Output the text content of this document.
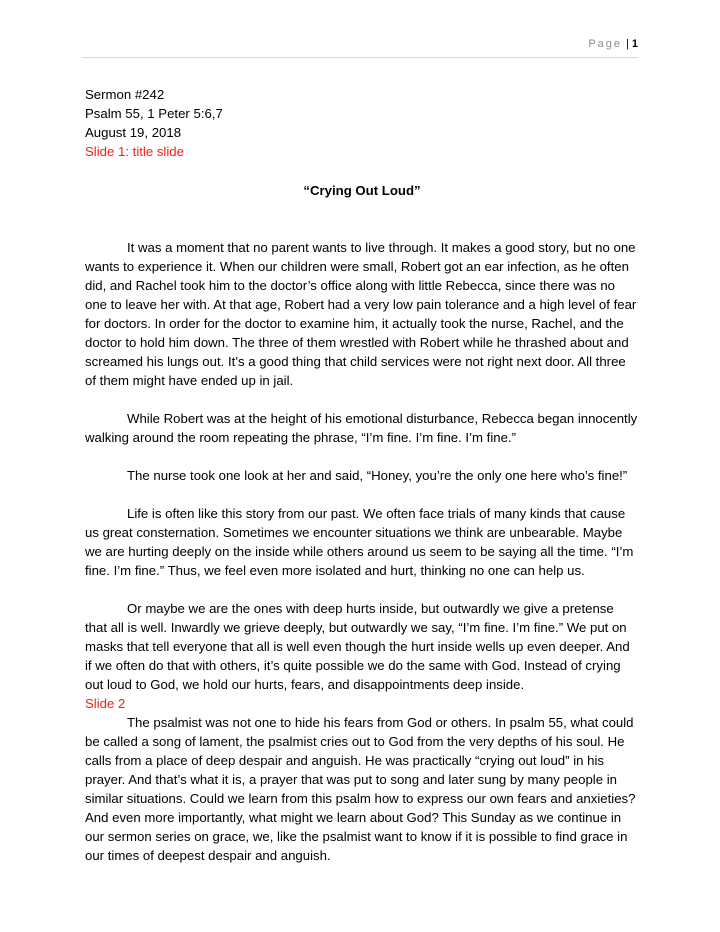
Page | 1
Sermon #242
Psalm 55, 1 Peter 5:6,7
August 19, 2018
Slide 1: title slide
“Crying Out Loud”

It was a moment that no parent wants to live through. It makes a good story, but no one wants to experience it. When our children were small, Robert got an ear infection, as he often did, and Rachel took him to the doctor’s office along with little Rebecca, since there was no one to leave her with. At that age, Robert had a very low pain tolerance and a high level of fear for doctors. In order for the doctor to examine him, it actually took the nurse, Rachel, and the doctor to hold him down. The three of them wrestled with Robert while he thrashed about and screamed his lungs out. It’s a good thing that child services were not right next door. All three of them might have ended up in jail.

While Robert was at the height of his emotional disturbance, Rebecca began innocently walking around the room repeating the phrase, “I’m fine. I’m fine. I’m fine.”

The nurse took one look at her and said, “Honey, you’re the only one here who’s fine!”

Life is often like this story from our past. We often face trials of many kinds that cause us great consternation. Sometimes we encounter situations we think are unbearable. Maybe we are hurting deeply on the inside while others around us seem to be saying all the time. “I’m fine. I’m fine.” Thus, we feel even more isolated and hurt, thinking no one can help us.

Or maybe we are the ones with deep hurts inside, but outwardly we give a pretense that all is well. Inwardly we grieve deeply, but outwardly we say, “I’m fine. I’m fine.” We put on masks that tell everyone that all is well even though the hurt inside wells up even deeper. And if we often do that with others, it’s quite possible we do the same with God. Instead of crying out loud to God, we hold our hurts, fears, and disappointments deep inside.

Slide 2

The psalmist was not one to hide his fears from God or others. In psalm 55, what could be called a song of lament, the psalmist cries out to God from the very depths of his soul. He calls from a place of deep despair and anguish. He was practically “crying out loud” in his prayer. And that’s what it is, a prayer that was put to song and later sung by many people in similar situations. Could we learn from this psalm how to express our own fears and anxieties? And even more importantly, what might we learn about God? This Sunday as we continue in our sermon series on grace, we, like the psalmist want to know if it is possible to find grace in our times of deepest despair and anguish.
